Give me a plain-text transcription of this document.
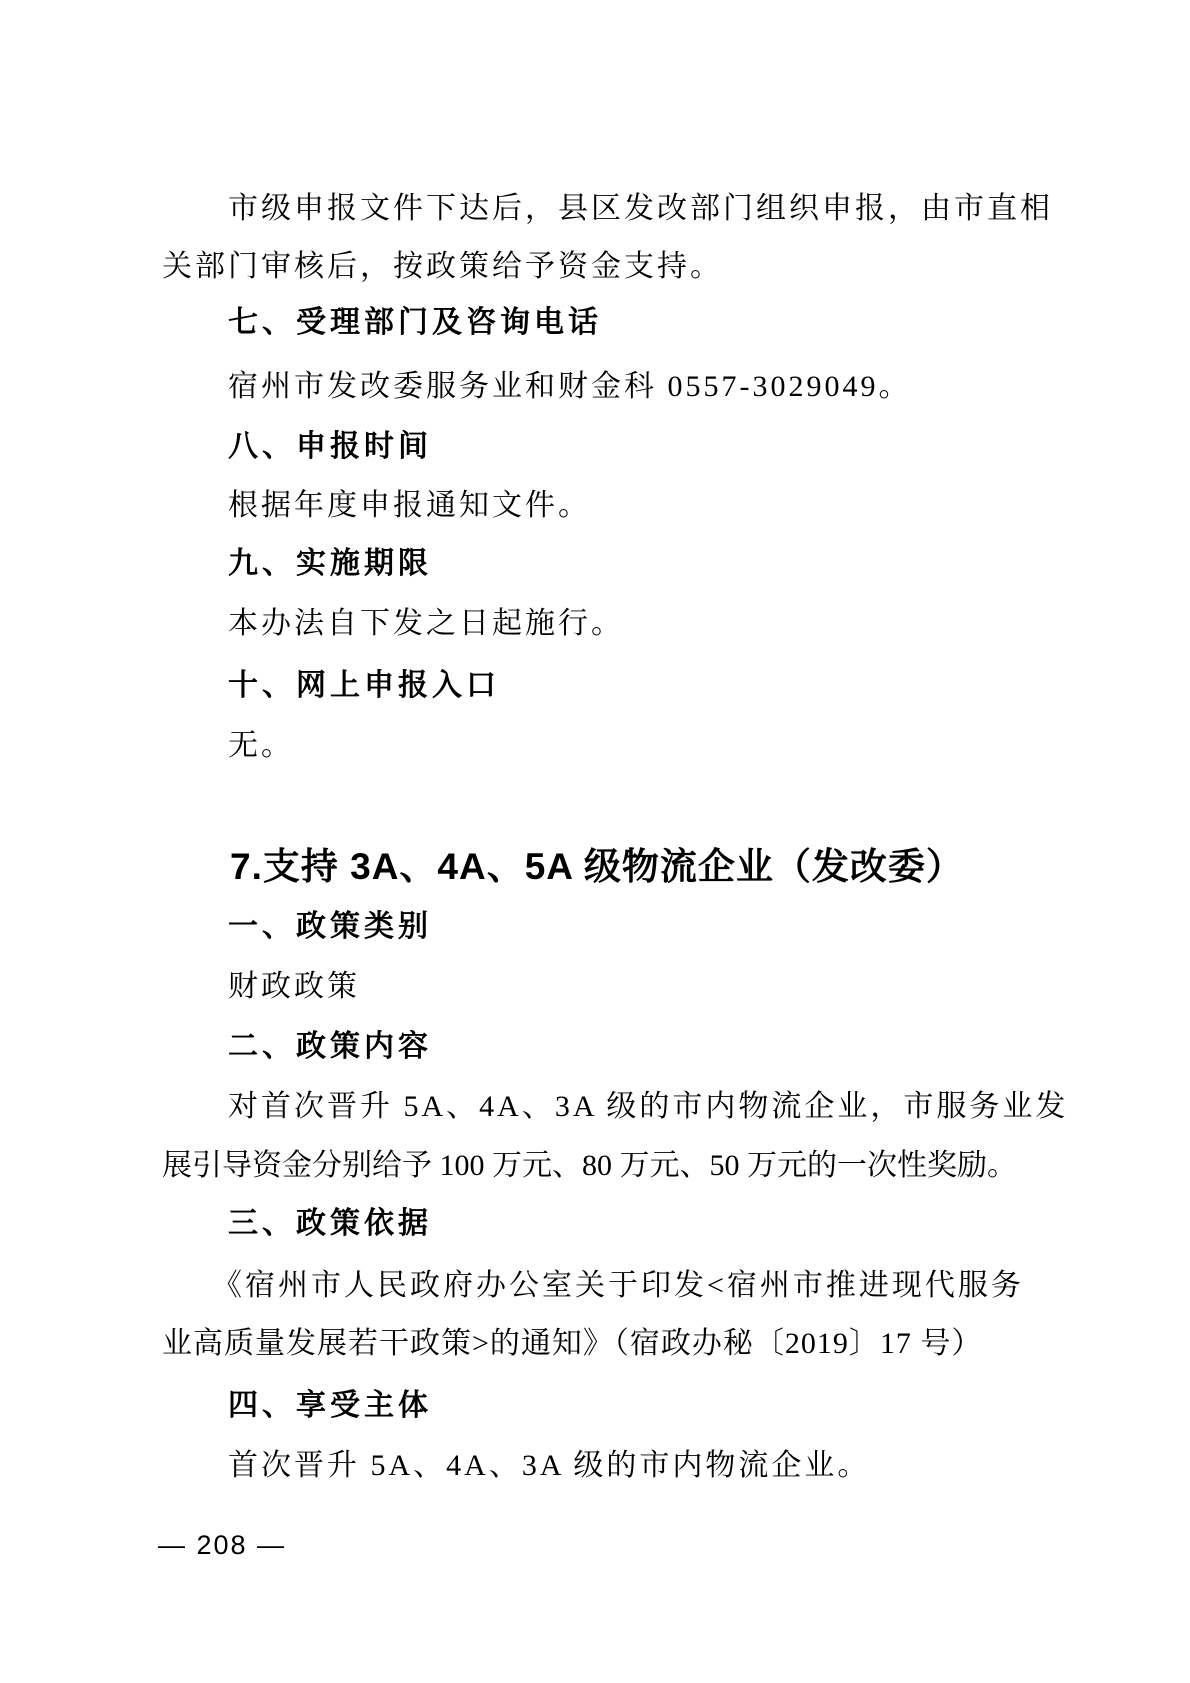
市级申报文件下达后，县区发改部门组织申报，由市直相
关部门审核后，按政策给予资金支持。
七、受理部门及咨询电话
宿州市发改委服务业和财金科 0557-3029049。
八、申报时间
根据年度申报通知文件。
九、实施期限
本办法自下发之日起施行。
十、网上申报入口
无。
7.支持 3A、4A、5A 级物流企业（发改委）
一、政策类别
财政政策
二、政策内容
对首次晋升 5A、4A、3A 级的市内物流企业，市服务业发
展引导资金分别给予 100 万元、80 万元、50 万元的一次性奖励。
三、政策依据
《宿州市人民政府办公室关于印发<宿州市推进现代服务
业高质量发展若干政策>的通知》（宿政办秘〔2019〕17 号）
四、享受主体
首次晋升 5A、4A、3A 级的市内物流企业。
— 208 —
